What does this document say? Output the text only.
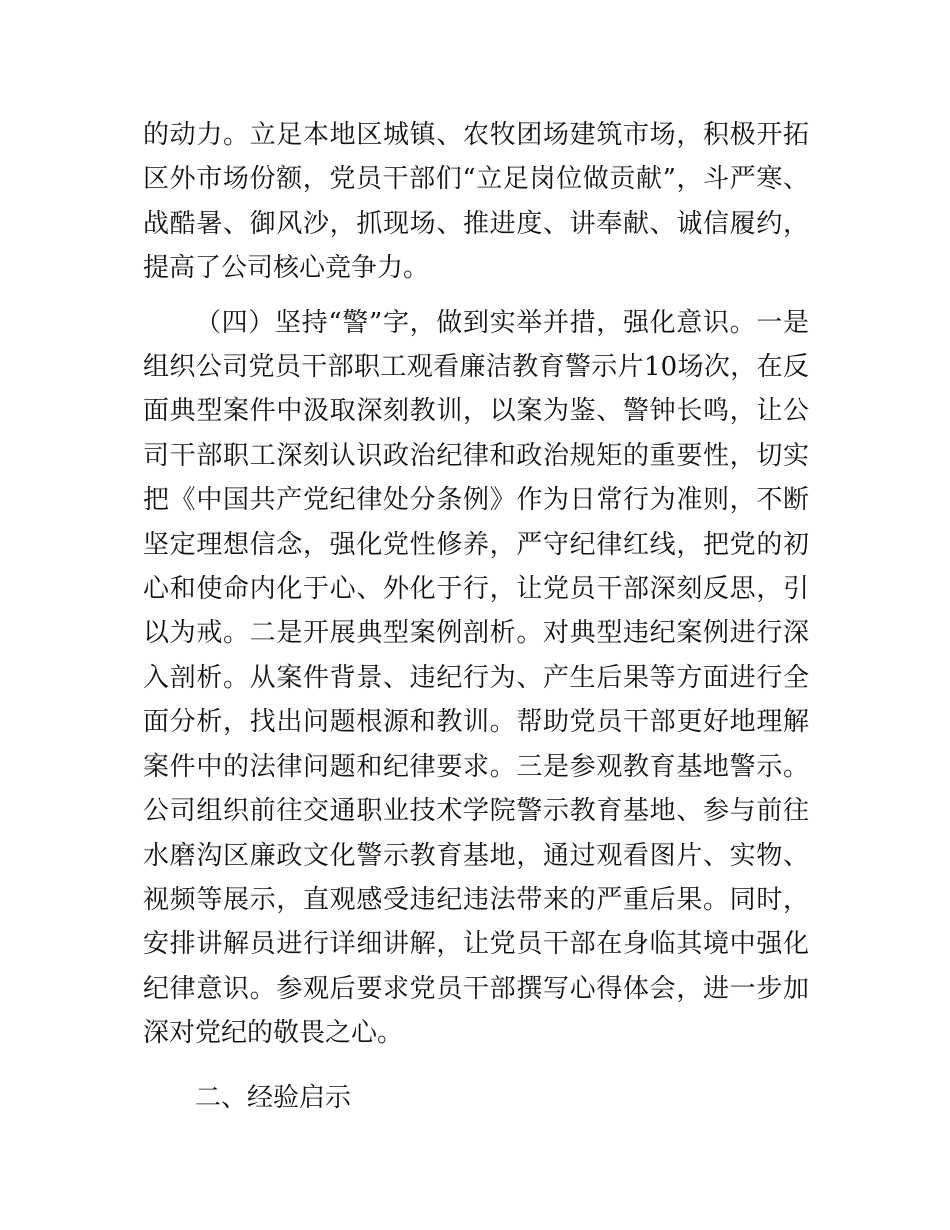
的动力。立足本地区城镇、农牧团场建筑市场，积极开拓区外市场份额，党员干部们“立足岗位做贡献”，斗严寒、战酷暑、御风沙，抓现场、推进度、讲奉献、诚信履约，提高了公司核心竞争力。

（四）坚持“警”字，做到实举并措，强化意识。一是组织公司党员干部职工观看廉洁教育警示片10场次，在反面典型案件中汲取深刻教训，以案为鉴、警钟长鸣，让公司干部职工深刻认识政治纪律和政治规矩的重要性，切实把《中国共产党纪律处分条例》作为日常行为准则，不断坚定理想信念，强化党性修养，严守纪律红线，把党的初心和使命内化于心、外化于行，让党员干部深刻反思，引以为戒。二是开展典型案例剖析。对典型违纪案例进行深入剖析。从案件背景、违纪行为、产生后果等方面进行全面分析，找出问题根源和教训。帮助党员干部更好地理解案件中的法律问题和纪律要求。三是参观教育基地警示。公司组织前往交通职业技术学院警示教育基地、参与前往水磨沟区廉政文化警示教育基地，通过观看图片、实物、视频等展示，直观感受违纪违法带来的严重后果。同时，安排讲解员进行详细讲解，让党员干部在身临其境中强化纪律意识。参观后要求党员干部撰写心得体会，进一步加深对党纪的敬畏之心。

二、经验启示
